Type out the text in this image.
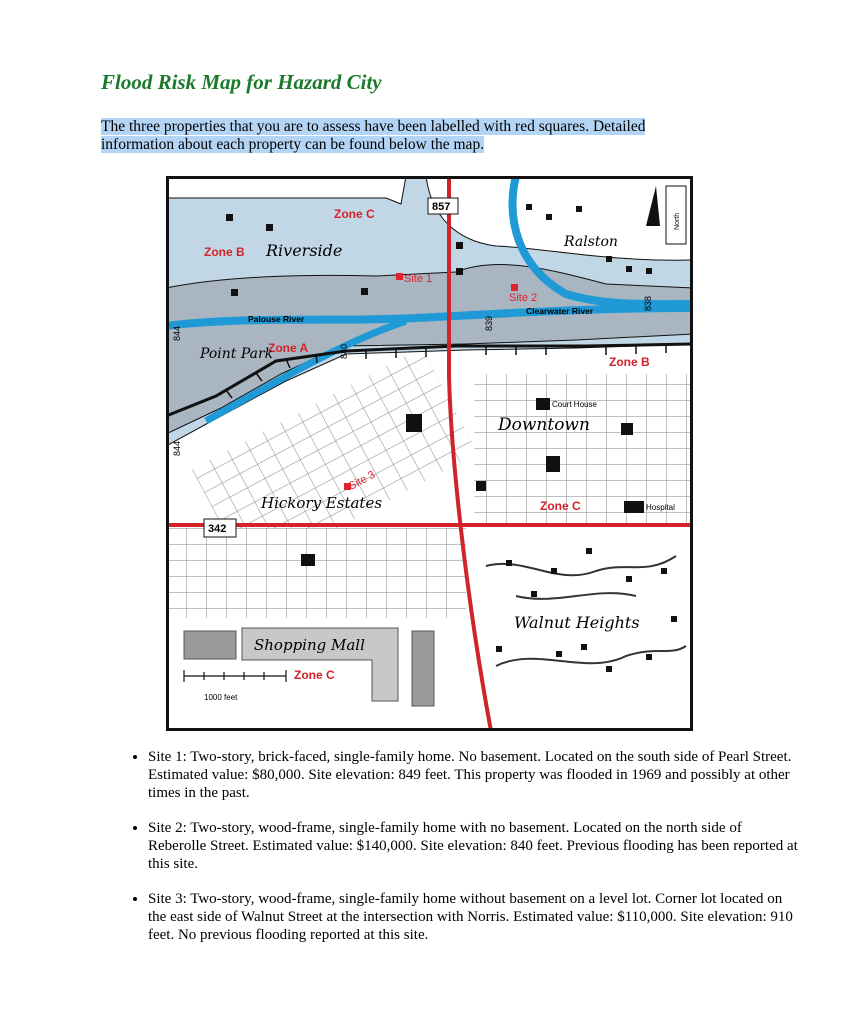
Flood Risk Map for Hazard City

The three properties that you are to assess have been labelled with red squares. Detailed information about each property can be found below the map.

Zone C
Zone B
Zone A
Zone B
Zone C
Zone C
Riverside	Ralston
Point Park
Downtown
Hickory Estates
Walnut Heights
Shopping Mall
Site 1
Site 2
Site 3
Palouse River
Clearwater River
857
839
838
840
844
844
342
Court House
Hospital
North
1000 feet
• Site 1: Two-story, brick-faced, single-family home. No basement. Located on the south side of Pearl Street. Estimated value: $80,000. Site elevation: 849 feet. This property was flooded in 1969 and possibly at other times in the past.
• Site 2: Two-story, wood-frame, single-family home with no basement. Located on the north side of Reberolle Street. Estimated value: $140,000. Site elevation: 840 feet. Previous flooding has been reported at this site.
• Site 3: Two-story, wood-frame, single-family home without basement on a level lot. Corner lot located on the east side of Walnut Street at the intersection with Norris. Estimated value: $110,000. Site elevation: 910 feet. No previous flooding reported at this site.
